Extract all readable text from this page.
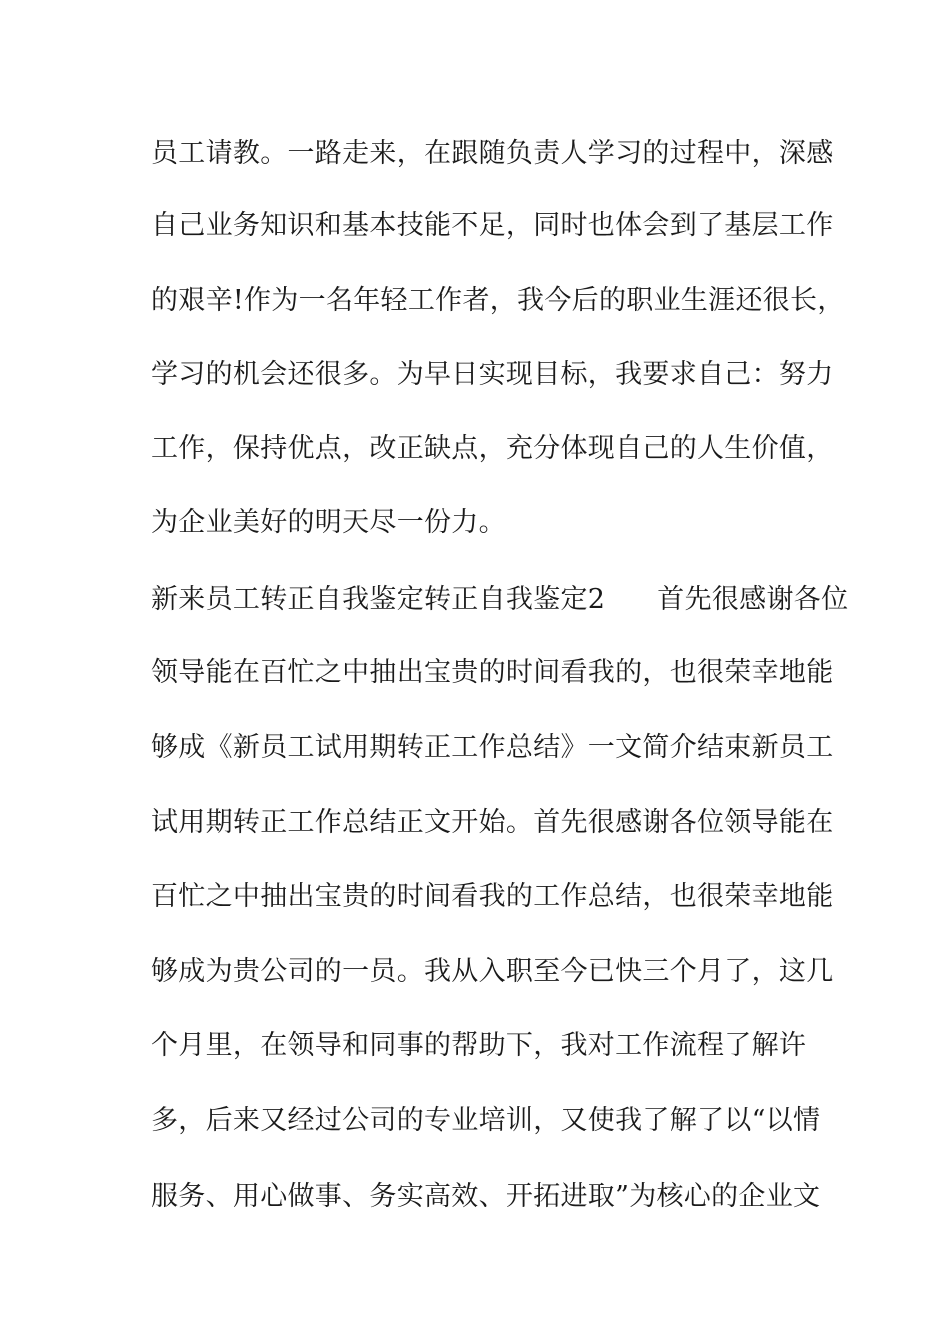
员工请教。一路走来，在跟随负责人学习的过程中，深感
自己业务知识和基本技能不足，同时也体会到了基层工作
的艰辛!作为一名年轻工作者，我今后的职业生涯还很长，
学习的机会还很多。为早日实现目标，我要求自己：努力
工作，保持优点，改正缺点，充分体现自己的人生价值，
为企业美好的明天尽一份力。
新来员工转正自我鉴定转正自我鉴定2 首先很感谢各位
领导能在百忙之中抽出宝贵的时间看我的，也很荣幸地能
够成《新员工试用期转正工作总结》一文简介结束新员工
试用期转正工作总结正文开始。首先很感谢各位领导能在
百忙之中抽出宝贵的时间看我的工作总结，也很荣幸地能
够成为贵公司的一员。我从入职至今已快三个月了，这几
个月里，在领导和同事的帮助下，我对工作流程了解许
多，后来又经过公司的专业培训，又使我了解了以“以情
服务、用心做事、务实高效、开拓进取”为核心的企业文
